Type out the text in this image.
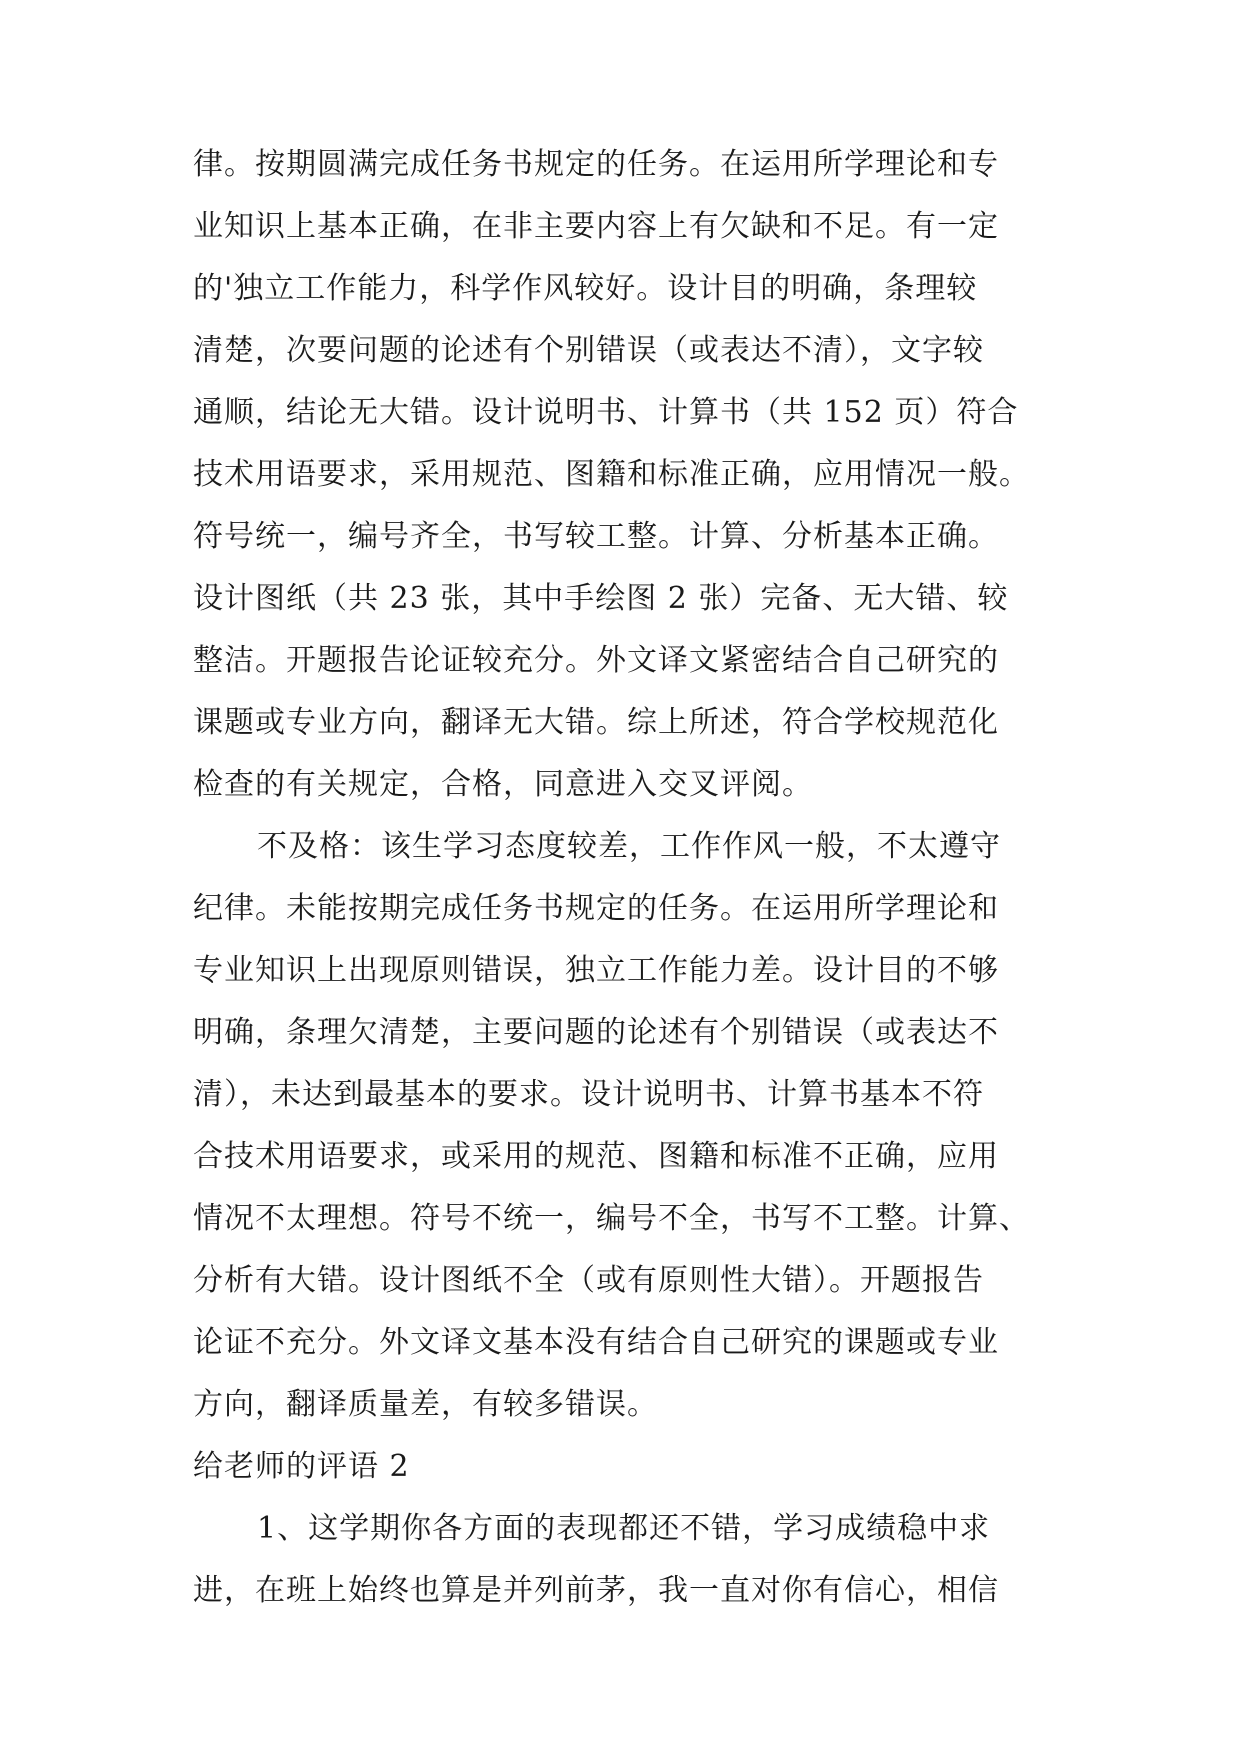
律。按期圆满完成任务书规定的任务。在运用所学理论和专
业知识上基本正确，在非主要内容上有欠缺和不足。有一定
的'独立工作能力，科学作风较好。设计目的明确，条理较
清楚，次要问题的论述有个别错误（或表达不清），文字较
通顺，结论无大错。设计说明书、计算书（共 152 页）符合
技术用语要求，采用规范、图籍和标准正确，应用情况一般。
符号统一，编号齐全，书写较工整。计算、分析基本正确。
设计图纸（共 23 张，其中手绘图 2 张）完备、无大错、较
整洁。开题报告论证较充分。外文译文紧密结合自己研究的
课题或专业方向，翻译无大错。综上所述，符合学校规范化
检查的有关规定，合格，同意进入交叉评阅。
不及格：该生学习态度较差，工作作风一般，不太遵守
纪律。未能按期完成任务书规定的任务。在运用所学理论和
专业知识上出现原则错误，独立工作能力差。设计目的不够
明确，条理欠清楚，主要问题的论述有个别错误（或表达不
清），未达到最基本的要求。设计说明书、计算书基本不符
合技术用语要求，或采用的规范、图籍和标准不正确，应用
情况不太理想。符号不统一，编号不全，书写不工整。计算、
分析有大错。设计图纸不全（或有原则性大错）。开题报告
论证不充分。外文译文基本没有结合自己研究的课题或专业
方向，翻译质量差，有较多错误。
给老师的评语 2
1、这学期你各方面的表现都还不错，学习成绩稳中求
进，在班上始终也算是并列前茅，我一直对你有信心，相信
